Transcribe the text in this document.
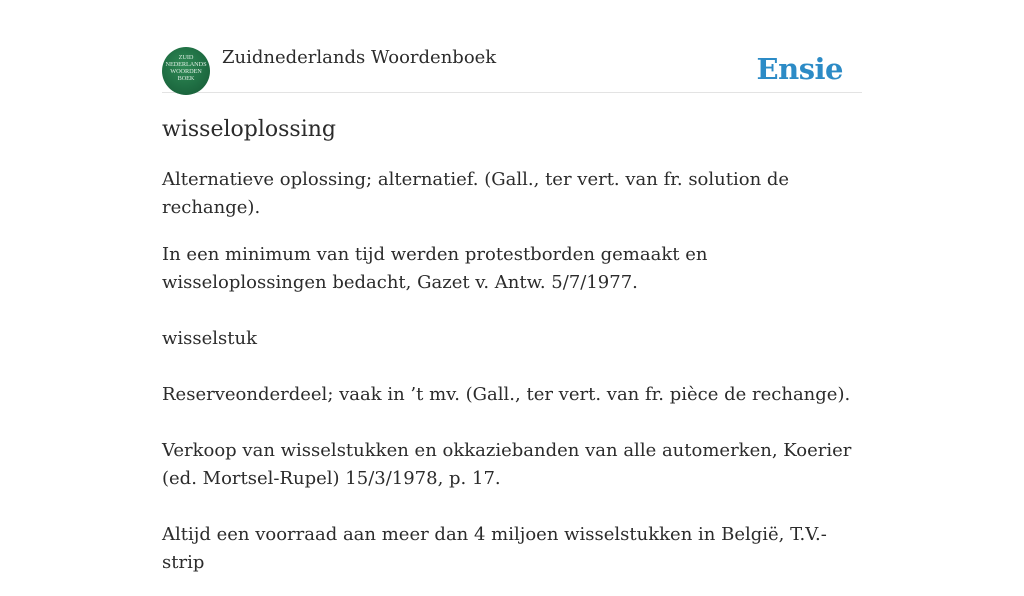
ZUID
NEDERLANDS
WOORDEN
BOEK
Zuidnederlands Woordenboek	Ensie
wisseloplossing

Alternatieve oplossing; alternatief. (Gall., ter vert. van fr. solution de rechange).

In een minimum van tijd werden protestborden gemaakt en wisseloplossingen bedacht, Gazet v. Antw. 5/7/1977.

wisselstuk

Reserveonderdeel; vaak in ’t mv. (Gall., ter vert. van fr. pièce de rechange).

Verkoop van wisselstukken en okkaziebanden van alle automerken, Koerier (ed. Mortsel-Rupel) 15/3/1978, p. 17.

Altijd een voorraad aan meer dan 4 miljoen wisselstukken in België, T.V.-strip
